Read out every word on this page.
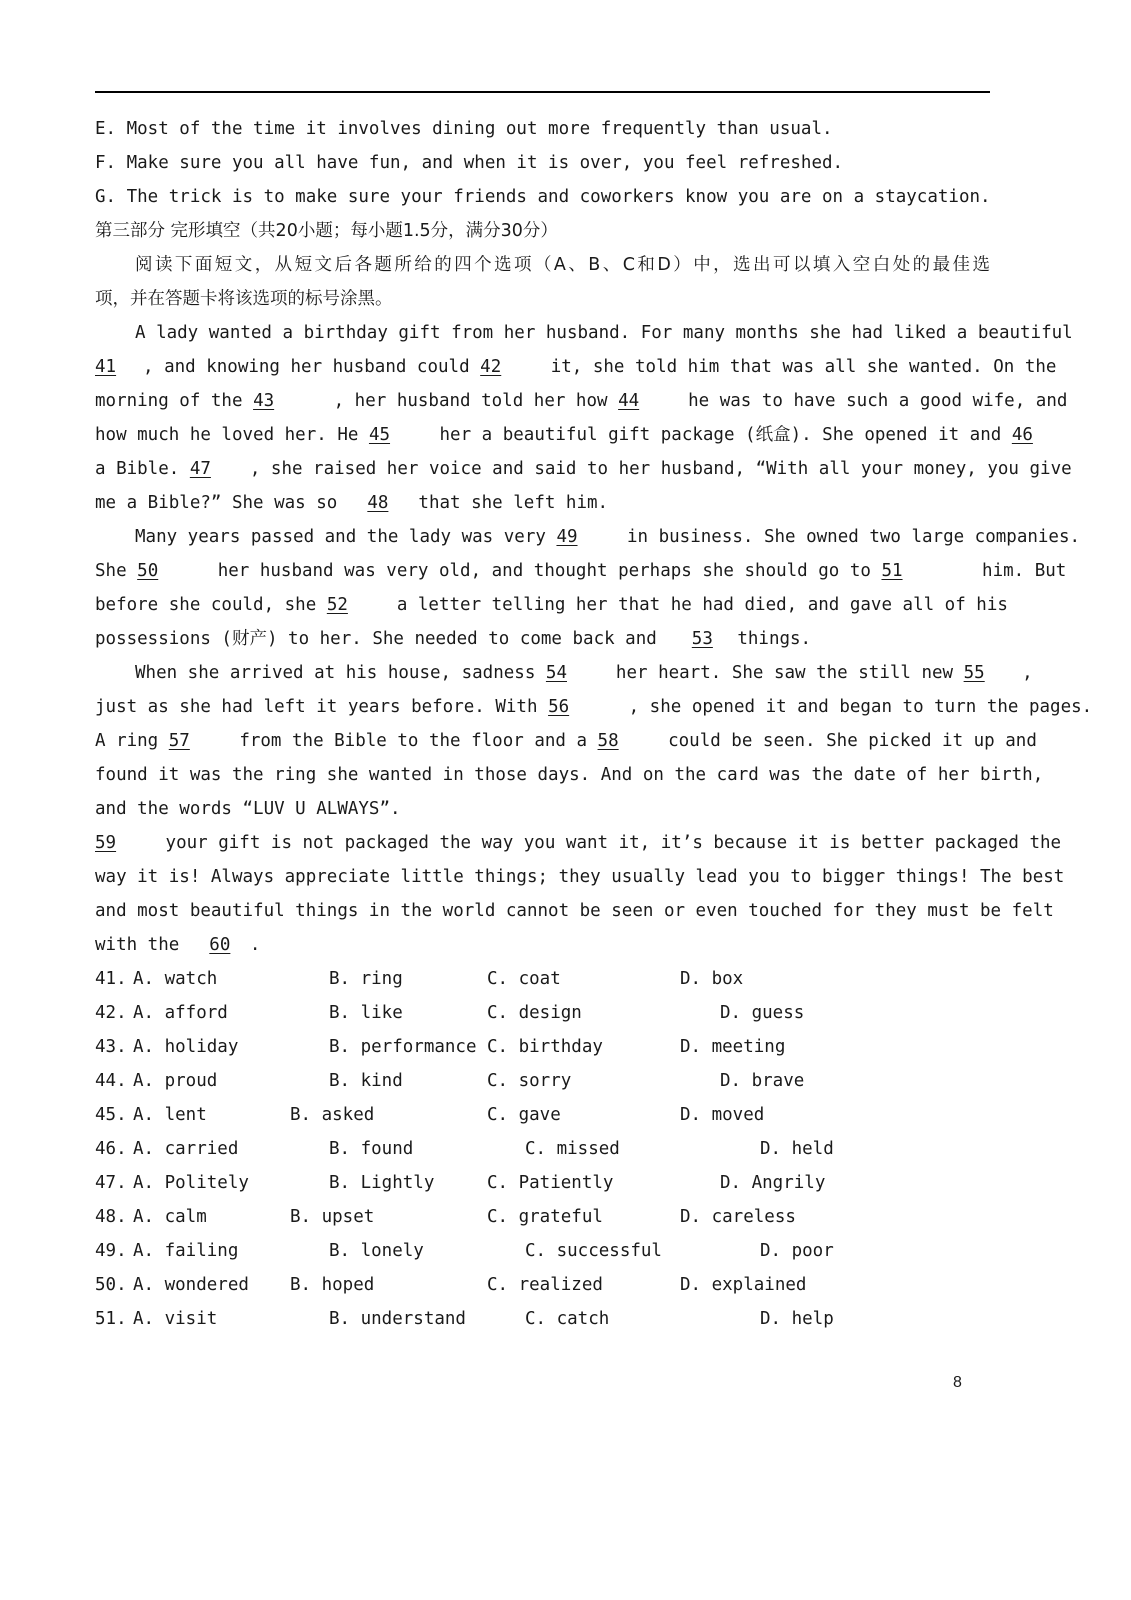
E. Most of the time it involves dining out more frequently than usual.
F. Make sure you all have fun, and when it is over, you feel refreshed.
G. The trick is to make sure your friends and coworkers know you are on a staycation.
第三部分 完形填空（共20小题；每小题1.5分，满分30分）
阅读下面短文，从短文后各题所给的四个选项（A、B、C和D）中，选出可以填入空白处的最佳选
项，并在答题卡将该选项的标号涂黑。
A lady wanted a birthday gift from her husband. For many months she had liked a beautiful
41 , and knowing her husband could 42	it, she told him that was all she wanted. On the
morning of the 43	, her husband told her how 44	he was to have such a good wife, and
how much he loved her. He 45	her a beautiful gift package (纸盒). She opened it and 46
a Bible. 47 , she raised her voice and said to her husband, “With all your money, you give
me a Bible?” She was so 48 that she left him.
Many years passed and the lady was very 49	in business. She owned two large companies.
She 50	her husband was very old, and thought perhaps she should go to 51	him. But
before she could, she 52	a letter telling her that he had died, and gave all of his
possessions (财产) to her. She needed to come back and 53 things.
When she arrived at his house, sadness 54	her heart. She saw the still new 55 ,
just as she had left it years before. With 56	, she opened it and began to turn the pages.
A ring 57	from the Bible to the floor and a 58	could be seen. She picked it up and
found it was the ring she wanted in those days. And on the card was the date of her birth,
and the words “LUV U ALWAYS”.
59	your gift is not packaged the way you want it, it’s because it is better packaged the
way it is! Always appreciate little things; they usually lead you to bigger things! The best
and most beautiful things in the world cannot be seen or even touched for they must be felt
with the 60 .
41. A. watch	B. ring	C. coat	D. box
42. A. afford	B. like	C. design	D. guess
43. A. holiday	B. performance C. birthday	D. meeting
44. A. proud	B. kind	C. sorry	D. brave
45. A. lent	B. asked	C. gave	D. moved
46. A. carried	B. found	C. missed	D. held
47. A. Politely	B. Lightly	C. Patiently	D. Angrily
48. A. calm	B. upset	C. grateful	D. careless
49. A. failing	B. lonely	C. successful	D. poor
50. A. wondered B. hoped	C. realized	D. explained
51. A. visit	B. understand	C. catch	D. help
8
